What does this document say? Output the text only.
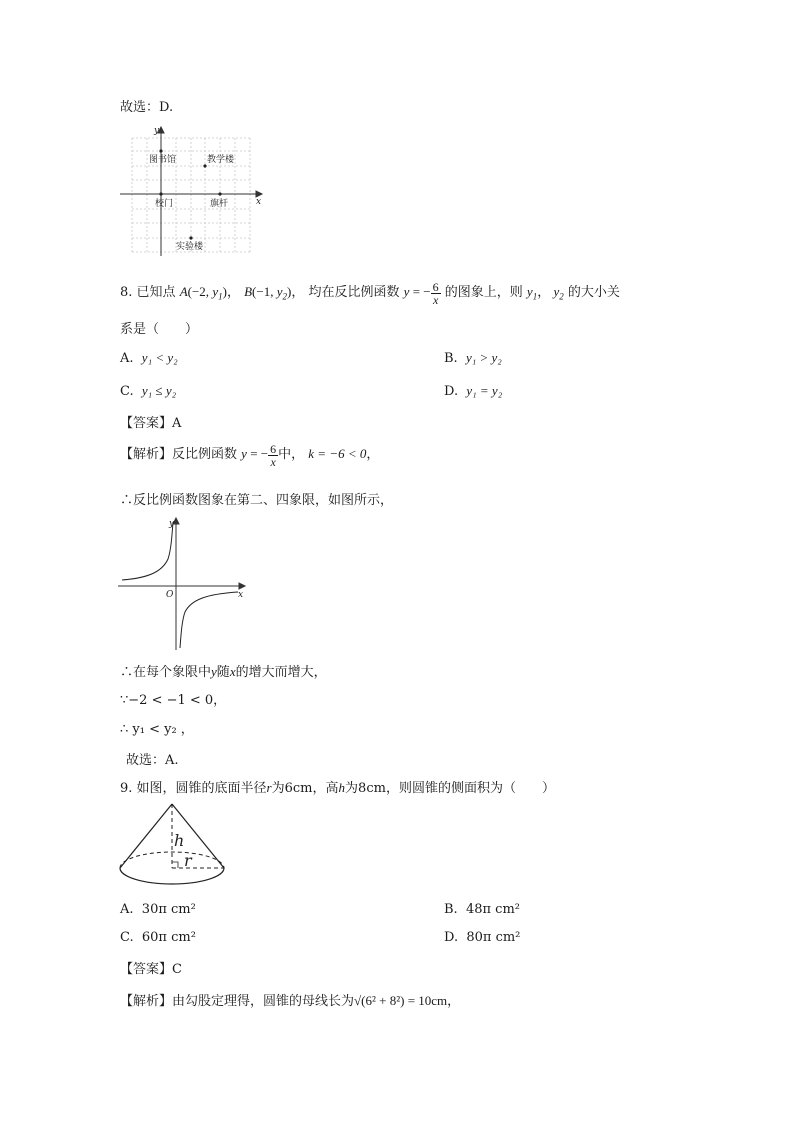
故选：D.
y
x
图书馆	教学楼
校门	旗杆
实验楼
8. 已知点 A(−2, $y_1$)， B(−1, $y_2$)， 均在反比例函数 y = − $\frac{6}{x}$ 的图象上，则 $y_1$， $y_2$ 的大小关
系是（　　）
A. y₁ < y₂	B. y₁ > y₂
C. y₁ ≤ y₂	D. y₁ = y₂
【答案】A
【解析】反比例函数 y = − $\frac{6}{x}$ 中， k = −6 < 0，
∴反比例函数图象在第二、四象限，如图所示，
y
x
O
∴在每个象限中y随x的增大而增大，
∵−2 < −1 < 0，
∴ y₁ < y₂ ，
故选：A.
9. 如图，圆锥的底面半径r为6cm，高h为8cm，则圆锥的侧面积为（　　）
h
r
A. 30π cm²	B. 48π cm²
C. 60π cm²	D. 80π cm²
【答案】C
【解析】由勾股定理得，圆锥的母线长为√(6² + 8²) = 10cm，
